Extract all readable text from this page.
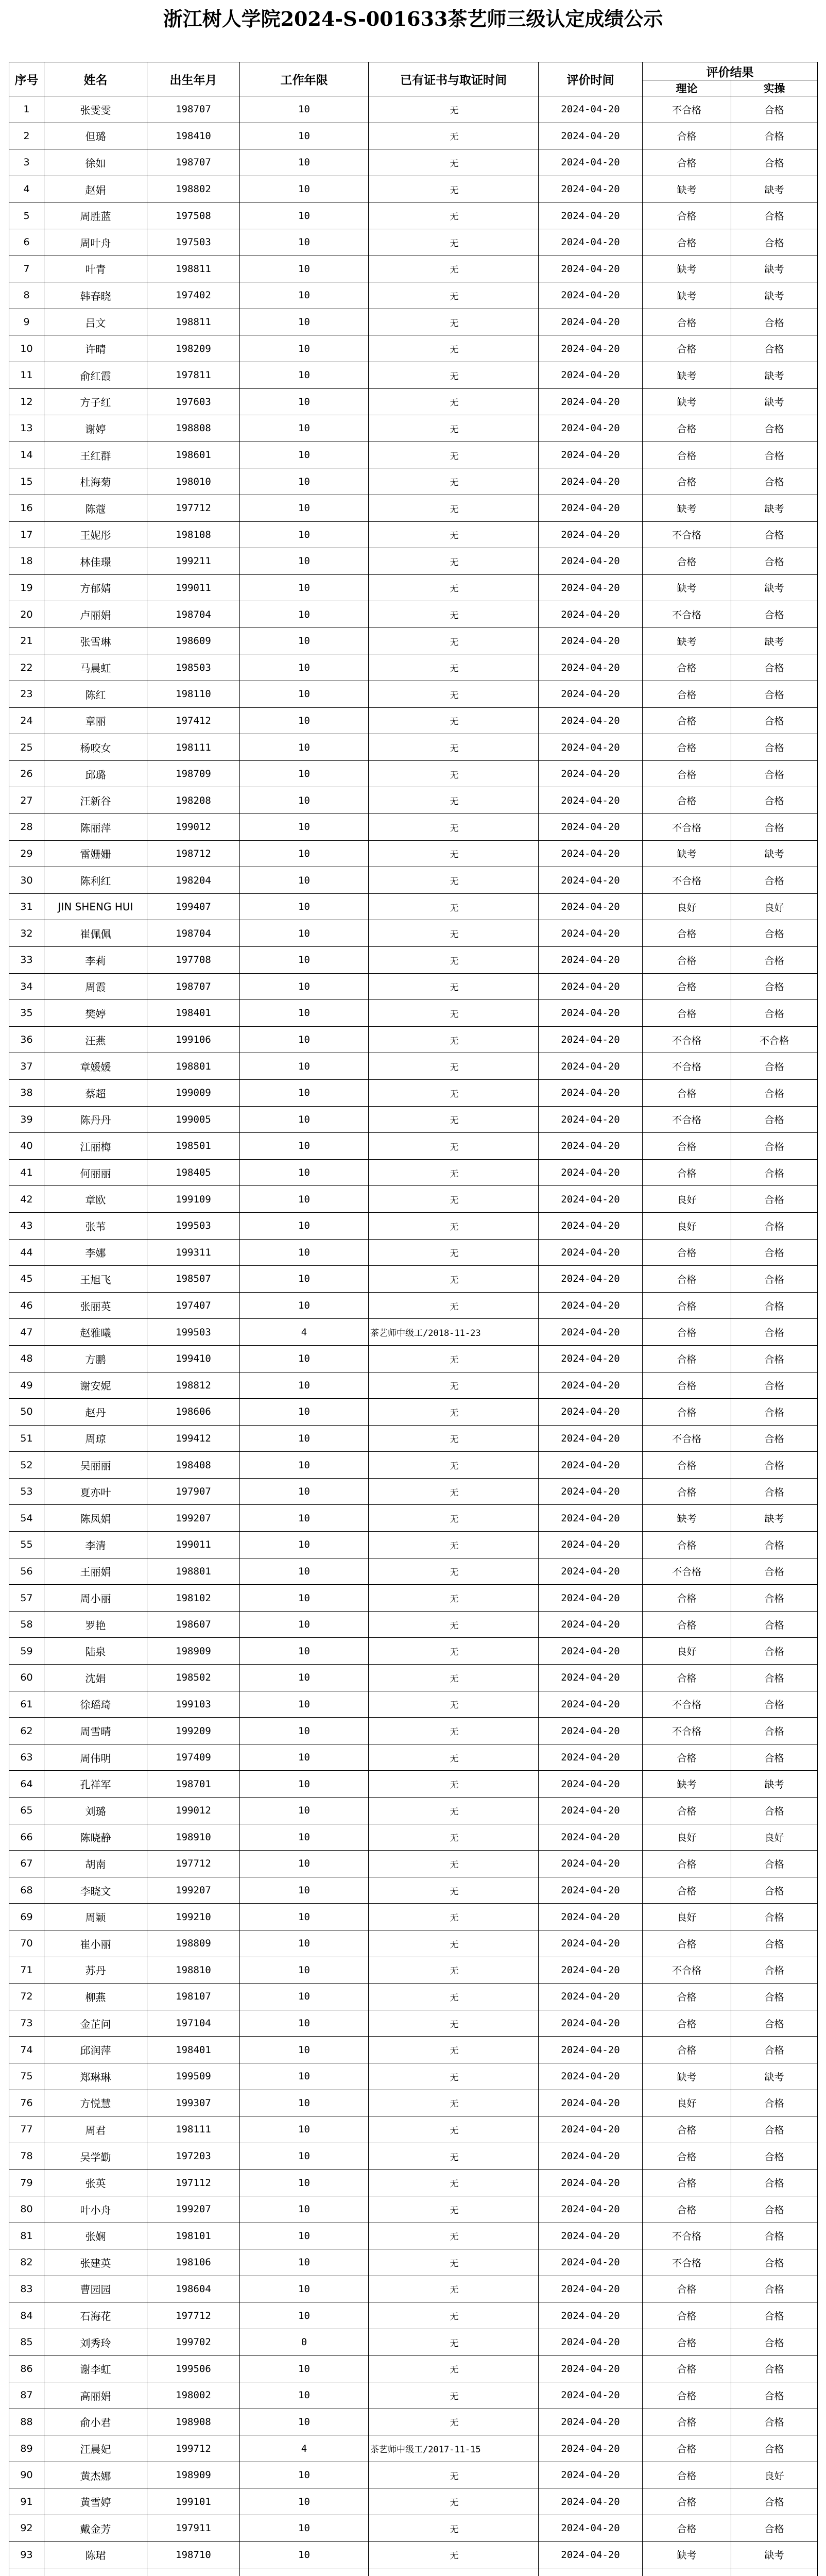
浙江树人学院2024-S-001633茶艺师三级认定成绩公示
序号	姓名	出生年月	工作年限	已有证书与取证时间	评价时间	评价结果	
						理论	实操
1	张雯雯	198707	10	无	2024-04-20	不合格	合格
2	但璐	198410	10	无	2024-04-20	合格	合格
3	徐如	198707	10	无	2024-04-20	合格	合格
4	赵娟	198802	10	无	2024-04-20	缺考	缺考
5	周胜蓝	197508	10	无	2024-04-20	合格	合格
6	周叶舟	197503	10	无	2024-04-20	合格	合格
7	叶青	198811	10	无	2024-04-20	缺考	缺考
8	韩春晓	197402	10	无	2024-04-20	缺考	缺考
9	吕文	198811	10	无	2024-04-20	合格	合格
10	许晴	198209	10	无	2024-04-20	合格	合格
11	俞红霞	197811	10	无	2024-04-20	缺考	缺考
12	方子红	197603	10	无	2024-04-20	缺考	缺考
13	谢婷	198808	10	无	2024-04-20	合格	合格
14	王红群	198601	10	无	2024-04-20	合格	合格
15	杜海菊	198010	10	无	2024-04-20	合格	合格
16	陈蔻	197712	10	无	2024-04-20	缺考	缺考
17	王妮彤	198108	10	无	2024-04-20	不合格	合格
18	林佳璟	199211	10	无	2024-04-20	合格	合格
19	方郁婧	199011	10	无	2024-04-20	缺考	缺考
20	卢丽娟	198704	10	无	2024-04-20	不合格	合格
21	张雪琳	198609	10	无	2024-04-20	缺考	缺考
22	马晨虹	198503	10	无	2024-04-20	合格	合格
23	陈红	198110	10	无	2024-04-20	合格	合格
24	章丽	197412	10	无	2024-04-20	合格	合格
25	杨咬女	198111	10	无	2024-04-20	合格	合格
26	邱璐	198709	10	无	2024-04-20	合格	合格
27	汪新谷	198208	10	无	2024-04-20	合格	合格
28	陈丽萍	199012	10	无	2024-04-20	不合格	合格
29	雷姗姗	198712	10	无	2024-04-20	缺考	缺考
30	陈利红	198204	10	无	2024-04-20	不合格	合格
31	JIN SHENG HUI	199407	10	无	2024-04-20	良好	良好
32	崔佩佩	198704	10	无	2024-04-20	合格	合格
33	李莉	197708	10	无	2024-04-20	合格	合格
34	周霞	198707	10	无	2024-04-20	合格	合格
35	樊婷	198401	10	无	2024-04-20	合格	合格
36	汪燕	199106	10	无	2024-04-20	不合格	不合格
37	章媛媛	198801	10	无	2024-04-20	不合格	合格
38	蔡超	199009	10	无	2024-04-20	合格	合格
39	陈丹丹	199005	10	无	2024-04-20	不合格	合格
40	江丽梅	198501	10	无	2024-04-20	合格	合格
41	何丽丽	198405	10	无	2024-04-20	合格	合格
42	章欧	199109	10	无	2024-04-20	良好	合格
43	张苇	199503	10	无	2024-04-20	良好	合格
44	李娜	199311	10	无	2024-04-20	合格	合格
45	王旭飞	198507	10	无	2024-04-20	合格	合格
46	张丽英	197407	10	无	2024-04-20	合格	合格
47	赵雅曦	199503	4	茶艺师中级工/2018-11-23	2024-04-20	合格	合格
48	方鹏	199410	10	无	2024-04-20	合格	合格
49	谢安妮	198812	10	无	2024-04-20	合格	合格
50	赵丹	198606	10	无	2024-04-20	合格	合格
51	周琼	199412	10	无	2024-04-20	不合格	合格
52	吴丽丽	198408	10	无	2024-04-20	合格	合格
53	夏亦叶	197907	10	无	2024-04-20	合格	合格
54	陈凤娟	199207	10	无	2024-04-20	缺考	缺考
55	李清	199011	10	无	2024-04-20	合格	合格
56	王丽娟	198801	10	无	2024-04-20	不合格	合格
57	周小丽	198102	10	无	2024-04-20	合格	合格
58	罗艳	198607	10	无	2024-04-20	合格	合格
59	陆泉	198909	10	无	2024-04-20	良好	合格
60	沈娟	198502	10	无	2024-04-20	合格	合格
61	徐瑶琦	199103	10	无	2024-04-20	不合格	合格
62	周雪晴	199209	10	无	2024-04-20	不合格	合格
63	周伟明	197409	10	无	2024-04-20	合格	合格
64	孔祥军	198701	10	无	2024-04-20	缺考	缺考
65	刘璐	199012	10	无	2024-04-20	合格	合格
66	陈晓静	198910	10	无	2024-04-20	良好	良好
67	胡南	197712	10	无	2024-04-20	合格	合格
68	李晓文	199207	10	无	2024-04-20	合格	合格
69	周颖	199210	10	无	2024-04-20	良好	合格
70	崔小丽	198809	10	无	2024-04-20	合格	合格
71	苏丹	198810	10	无	2024-04-20	不合格	合格
72	柳燕	198107	10	无	2024-04-20	合格	合格
73	金芷问	197104	10	无	2024-04-20	合格	合格
74	邱润萍	198401	10	无	2024-04-20	合格	合格
75	郑琳琳	199509	10	无	2024-04-20	缺考	缺考
76	方悦慧	199307	10	无	2024-04-20	良好	合格
77	周君	198111	10	无	2024-04-20	合格	合格
78	吴学勤	197203	10	无	2024-04-20	合格	合格
79	张英	197112	10	无	2024-04-20	合格	合格
80	叶小舟	199207	10	无	2024-04-20	合格	合格
81	张娴	198101	10	无	2024-04-20	不合格	合格
82	张建英	198106	10	无	2024-04-20	不合格	合格
83	曹园园	198604	10	无	2024-04-20	合格	合格
84	石海花	197712	10	无	2024-04-20	合格	合格
85	刘秀玲	199702	0	无	2024-04-20	合格	合格
86	谢李虹	199506	10	无	2024-04-20	合格	合格
87	高丽娟	198002	10	无	2024-04-20	合格	合格
88	俞小君	198908	10	无	2024-04-20	合格	合格
89	汪晨妃	199712	4	茶艺师中级工/2017-11-15	2024-04-20	合格	合格
90	黄杰娜	198909	10	无	2024-04-20	合格	良好
91	黄雪婷	199101	10	无	2024-04-20	合格	合格
92	戴金芳	197911	10	无	2024-04-20	合格	合格
93	陈珺	198710	10	无	2024-04-20	缺考	缺考
